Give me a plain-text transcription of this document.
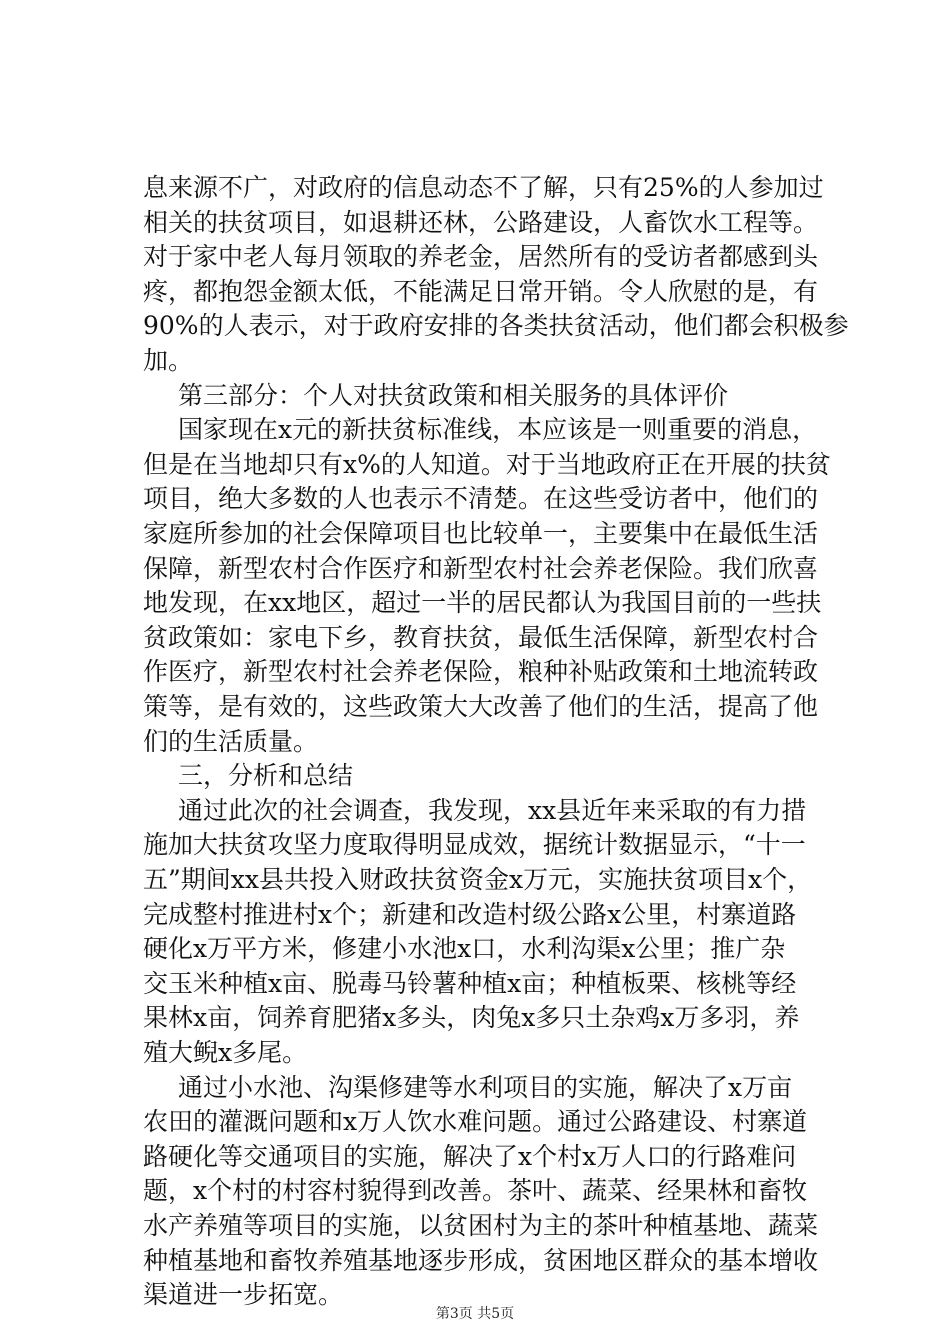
息来源不广，对政府的信息动态不了解，只有25%的人参加过
相关的扶贫项目，如退耕还林，公路建设，人畜饮水工程等。
对于家中老人每月领取的养老金，居然所有的受访者都感到头
疼，都抱怨金额太低，不能满足日常开销。令人欣慰的是，有
90%的人表示，对于政府安排的各类扶贫活动，他们都会积极参
加。
第三部分：个人对扶贫政策和相关服务的具体评价
国家现在x元的新扶贫标准线，本应该是一则重要的消息，
但是在当地却只有x%的人知道。对于当地政府正在开展的扶贫
项目，绝大多数的人也表示不清楚。在这些受访者中，他们的
家庭所参加的社会保障项目也比较单一，主要集中在最低生活
保障，新型农村合作医疗和新型农村社会养老保险。我们欣喜
地发现，在xx地区，超过一半的居民都认为我国目前的一些扶
贫政策如：家电下乡，教育扶贫，最低生活保障，新型农村合
作医疗，新型农村社会养老保险，粮种补贴政策和土地流转政
策等，是有效的，这些政策大大改善了他们的生活，提高了他
们的生活质量。
三，分析和总结
通过此次的社会调查，我发现，xx县近年来采取的有力措
施加大扶贫攻坚力度取得明显成效，据统计数据显示，“十一
五”期间xx县共投入财政扶贫资金x万元，实施扶贫项目x个，
完成整村推进村x个；新建和改造村级公路x公里，村寨道路
硬化x万平方米，修建小水池x口，水利沟渠x公里；推广杂
交玉米种植x亩、脱毒马铃薯种植x亩；种植板栗、核桃等经
果林x亩，饲养育肥猪x多头，肉兔x多只土杂鸡x万多羽，养
殖大鲵x多尾。
通过小水池、沟渠修建等水利项目的实施，解决了x万亩
农田的灌溉问题和x万人饮水难问题。通过公路建设、村寨道
路硬化等交通项目的实施，解决了x个村x万人口的行路难问
题，x个村的村容村貌得到改善。茶叶、蔬菜、经果林和畜牧
水产养殖等项目的实施，以贫困村为主的茶叶种植基地、蔬菜
种植基地和畜牧养殖基地逐步形成，贫困地区群众的基本增收
渠道进一步拓宽。
第3页 共5页
